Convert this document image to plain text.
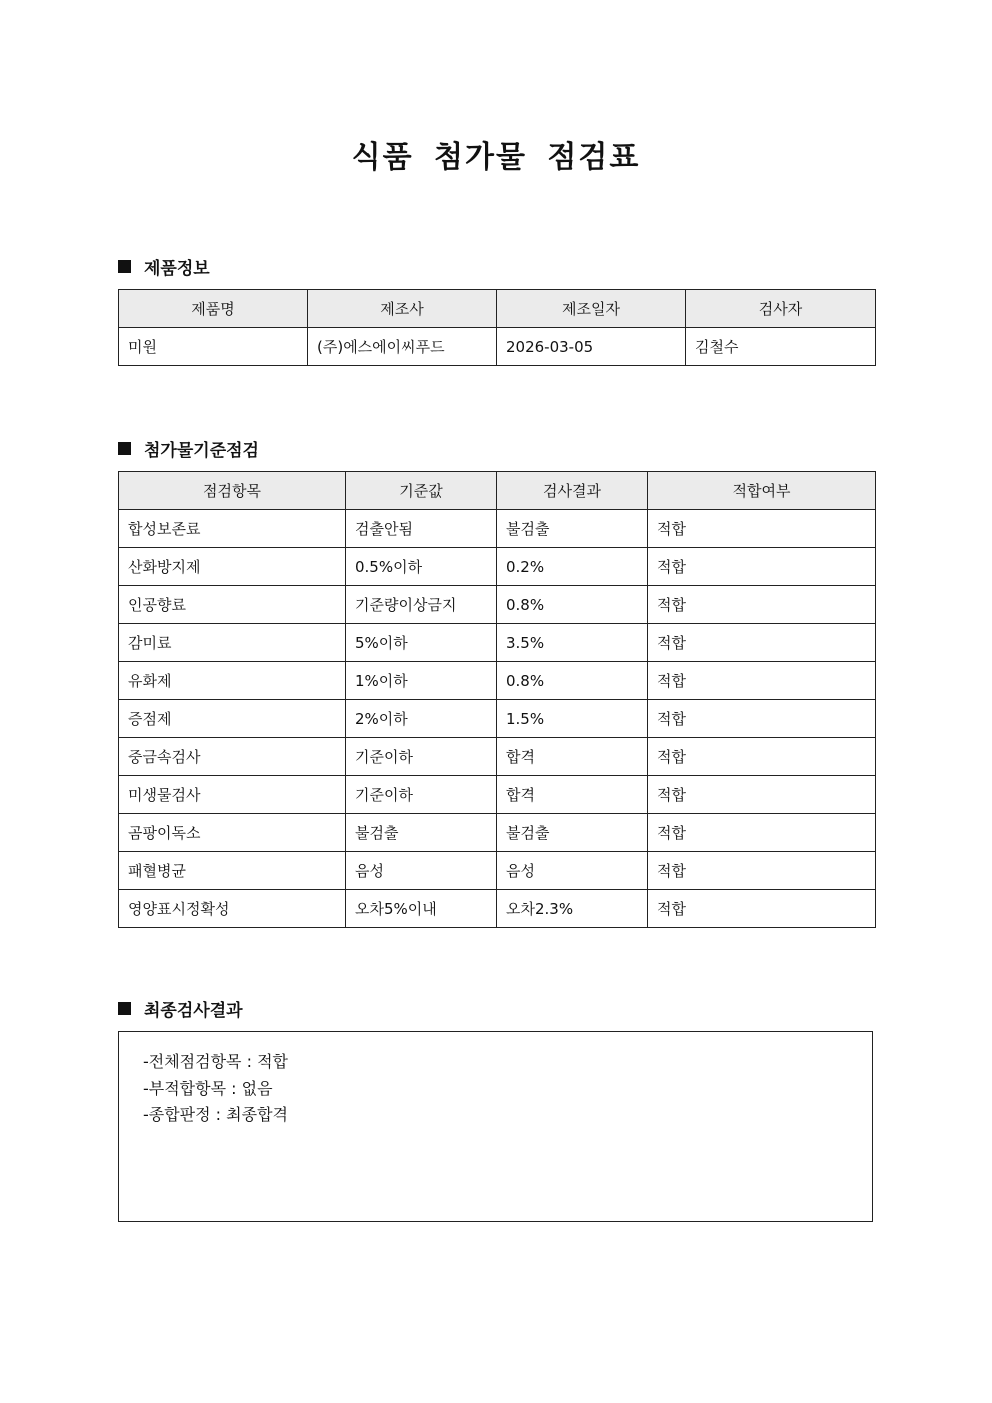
식품 첨가물 점검표
제품정보
제품명	제조사	제조일자	검사자
미원	(주)에스에이씨푸드	2026-03-05	김철수
첨가물기준점검
점검항목	기준값	검사결과	적합여부
합성보존료	검출안됨	불검출	적합
산화방지제	0.5%이하	0.2%	적합
인공향료	기준량이상금지	0.8%	적합
감미료	5%이하	3.5%	적합
유화제	1%이하	0.8%	적합
증점제	2%이하	1.5%	적합
중금속검사	기준이하	합격	적합
미생물검사	기준이하	합격	적합
곰팡이독소	불검출	불검출	적합
패혈병균	음성	음성	적합
영양표시정확성	오차5%이내	오차2.3%	적합
최종검사결과
-전체점검항목 : 적합
-부적합항목 : 없음
-종합판정 : 최종합격
